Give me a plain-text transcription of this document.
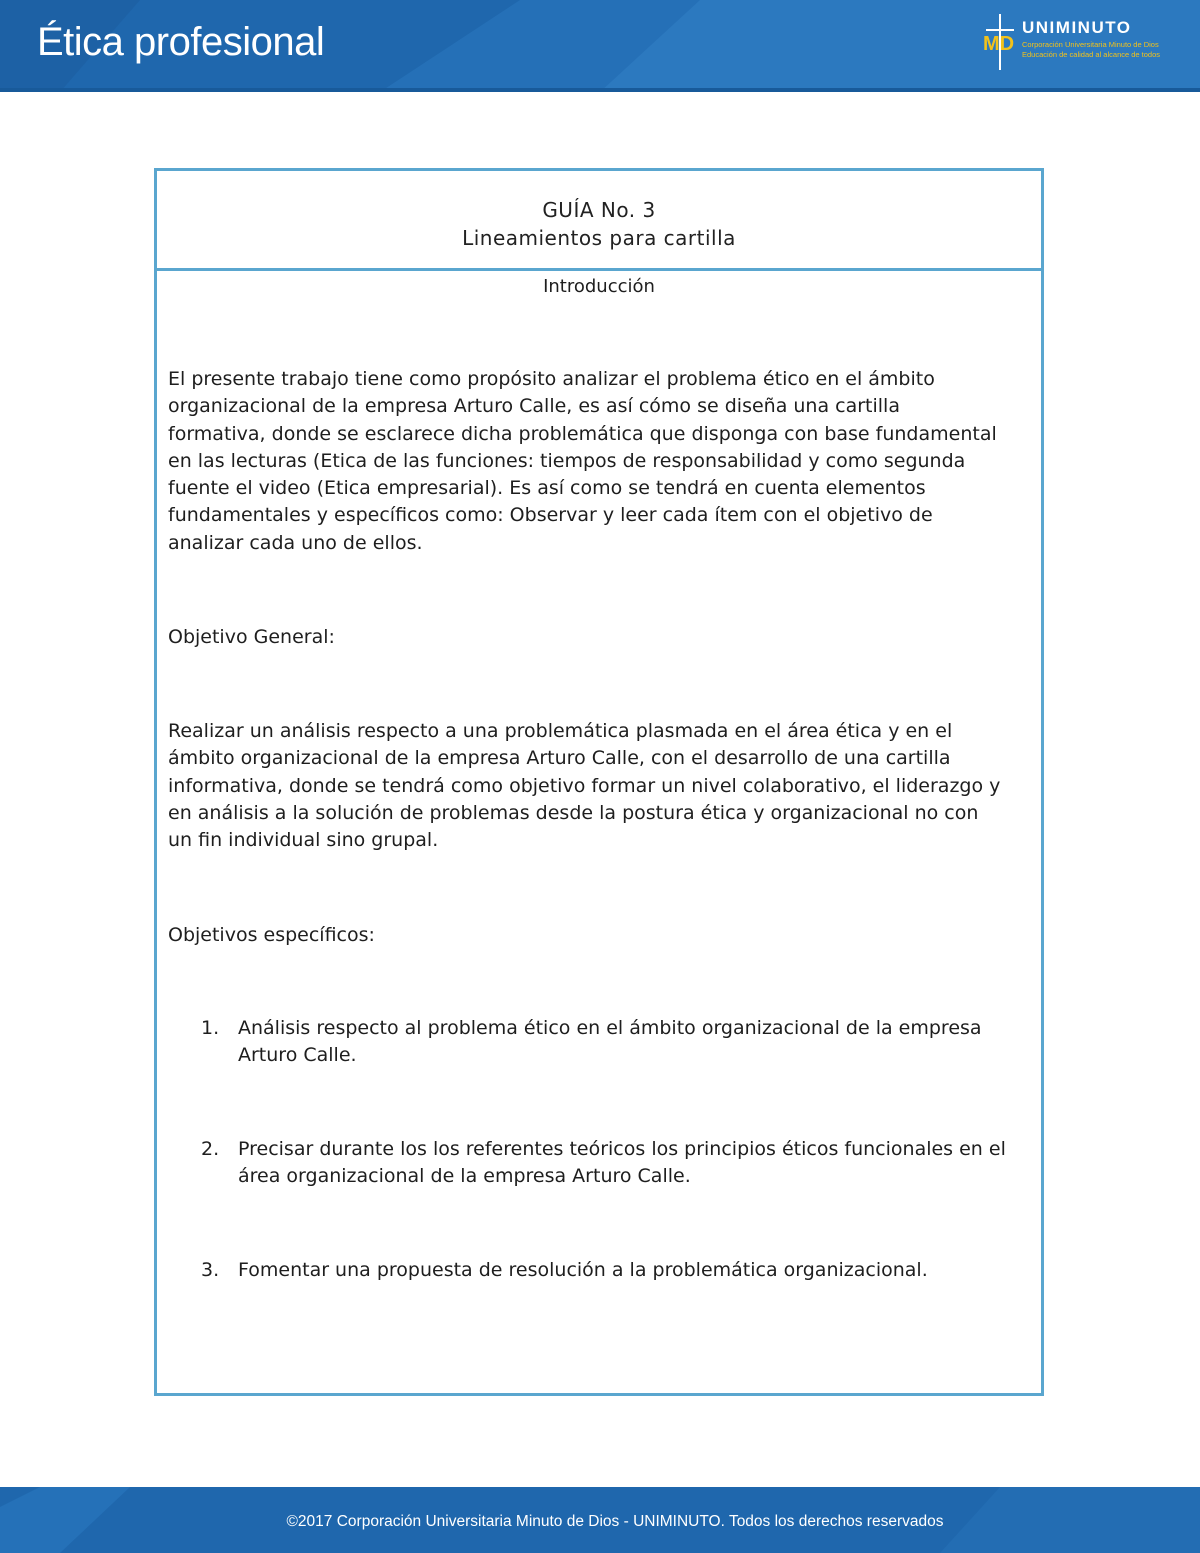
Ética profesional	MD
UNIMINUTO
Corporación Universitaria Minuto de Dios
Educación de calidad al alcance de todos
GUÍA No. 3
Lineamientos para cartilla
Introducción
El presente trabajo tiene como propósito analizar el problema ético en el ámbito
organizacional de la empresa Arturo Calle, es así cómo se diseña una cartilla
formativa, donde se esclarece dicha problemática que disponga con base fundamental
en las lecturas (Etica de las funciones: tiempos de responsabilidad y como segunda
fuente el video (Etica empresarial). Es así como se tendrá en cuenta elementos
fundamentales y específicos como: Observar y leer cada ítem con el objetivo de
analizar cada uno de ellos.
Objetivo General:
Realizar un análisis respecto a una problemática plasmada en el área ética y en el
ámbito organizacional de la empresa Arturo Calle, con el desarrollo de una cartilla
informativa, donde se tendrá como objetivo formar un nivel colaborativo, el liderazgo y
en análisis a la solución de problemas desde la postura ética y organizacional no con
un fin individual sino grupal.
Objetivos específicos:
1. Análisis respecto al problema ético en el ámbito organizacional de la empresa
Arturo Calle.
2. Precisar durante los los referentes teóricos los principios éticos funcionales en el
área organizacional de la empresa Arturo Calle.
3. Fomentar una propuesta de resolución a la problemática organizacional.
©2017 Corporación Universitaria Minuto de Dios - UNIMINUTO. Todos los derechos reservados
